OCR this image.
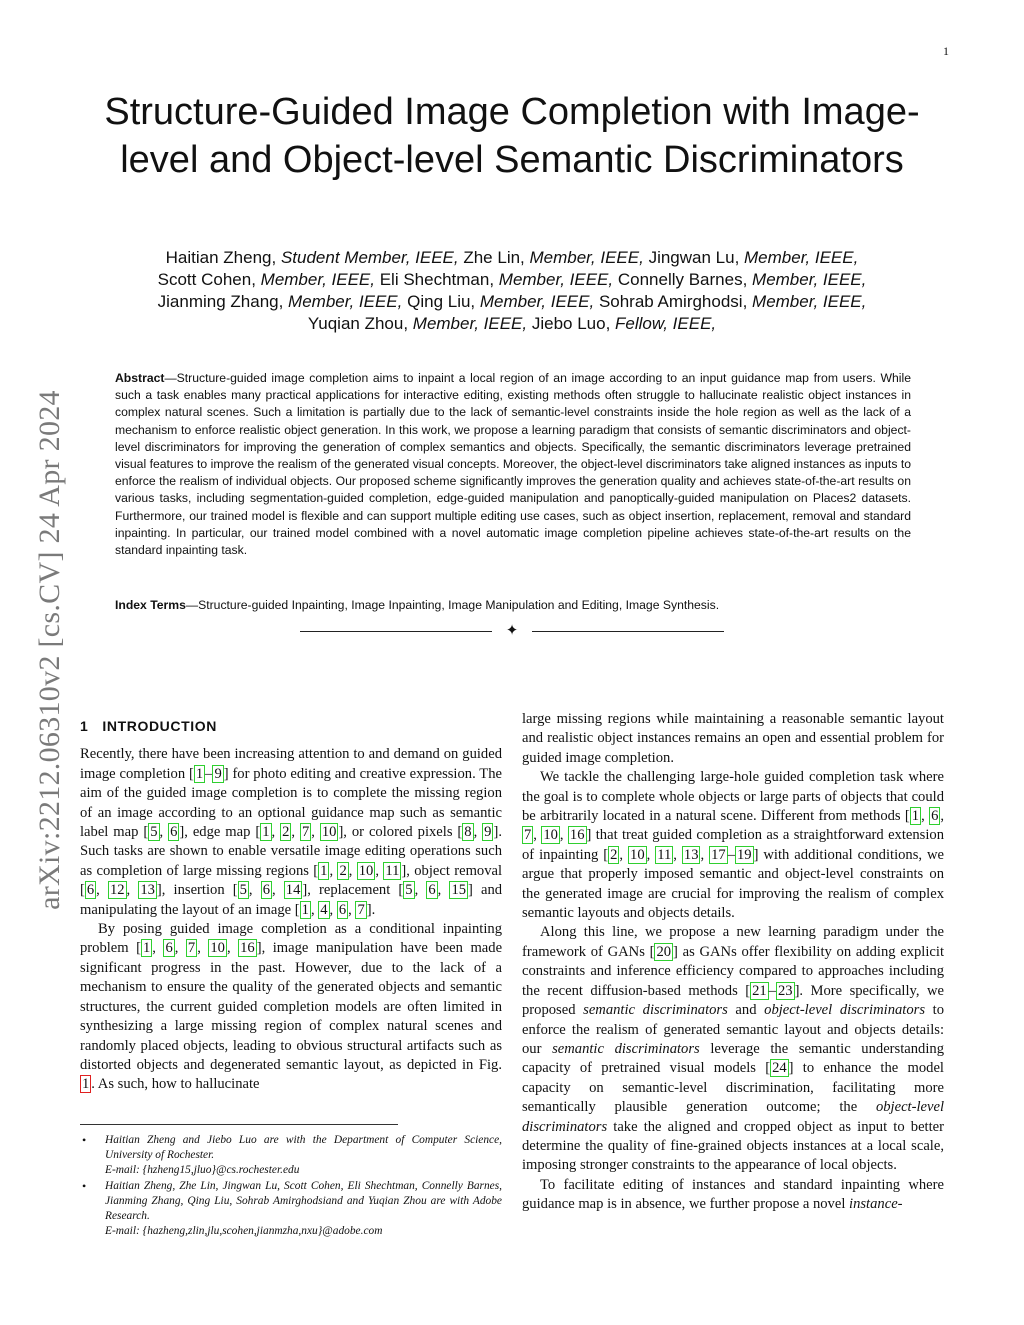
1
arXiv:2212.06310v2 [cs.CV] 24 Apr 2024
Structure-Guided Image Completion with Image-level and Object-level Semantic Discriminators
Haitian Zheng, Student Member, IEEE, Zhe Lin, Member, IEEE, Jingwan Lu, Member, IEEE,
Scott Cohen, Member, IEEE, Eli Shechtman, Member, IEEE, Connelly Barnes, Member, IEEE,
Jianming Zhang, Member, IEEE, Qing Liu, Member, IEEE, Sohrab Amirghodsi, Member, IEEE,
Yuqian Zhou, Member, IEEE, Jiebo Luo, Fellow, IEEE,
Abstract—Structure-guided image completion aims to inpaint a local region of an image according to an input guidance map from users. While such a task enables many practical applications for interactive editing, existing methods often struggle to hallucinate realistic object instances in complex natural scenes. Such a limitation is partially due to the lack of semantic-level constraints inside the hole region as well as the lack of a mechanism to enforce realistic object generation. In this work, we propose a learning paradigm that consists of semantic discriminators and object-level discriminators for improving the generation of complex semantics and objects. Specifically, the semantic discriminators leverage pretrained visual features to improve the realism of the generated visual concepts. Moreover, the object-level discriminators take aligned instances as inputs to enforce the realism of individual objects. Our proposed scheme significantly improves the generation quality and achieves state-of-the-art results on various tasks, including segmentation-guided completion, edge-guided manipulation and panoptically-guided manipulation on Places2 datasets. Furthermore, our trained model is flexible and can support multiple editing use cases, such as object insertion, replacement, removal and standard inpainting. In particular, our trained model combined with a novel automatic image completion pipeline achieves state-of-the-art results on the standard inpainting task.
Index Terms—Structure-guided Inpainting, Image Inpainting, Image Manipulation and Editing, Image Synthesis.
✦
1 INTRODUCTION

Recently, there have been increasing attention to and demand on guided image completion [ 1 – 9 ] for photo editing and creative expression. The aim of the guided image completion is to complete the missing region of an image according to an optional guidance map such as semantic label map [ 5 , 6 ], edge map [ 1 , 2 , 7 , 10 ], or colored pixels [ 8 , 9 ]. Such tasks are shown to enable versatile image editing operations such as completion of large missing regions [ 1 , 2 , 10 , 11 ], object removal [ 6 , 12 , 13 ], insertion [ 5 , 6 , 14 ], replacement [ 5 , 6 , 15 ] and manipulating the layout of an image [ 1 , 4 , 6 , 7 ].

By posing guided image completion as a conditional inpainting problem [ 1 , 6 , 7 , 10 , 16 ], image manipulation have been made significant progress in the past. However, due to the lack of a mechanism to ensure the quality of the generated objects and semantic structures, the current guided completion models are often limited in synthesizing a large missing region of complex natural scenes and randomly placed objects, leading to obvious structural artifacts such as distorted objects and degenerated semantic layout, as depicted in Fig. 1 . As such, how to hallucinate

• Haitian Zheng and Jiebo Luo are with the Department of Computer Science, University of Rochester.
E-mail: {hzheng15,jluo}@cs.rochester.edu
• Haitian Zheng, Zhe Lin, Jingwan Lu, Scott Cohen, Eli Shechtman, Connelly Barnes, Jianming Zhang, Qing Liu, Sohrab Amirghodsiand and Yuqian Zhou are with Adobe Research.
E-mail: {hazheng,zlin,jlu,scohen,jianmzha,nxu}@adobe.com

large missing regions while maintaining a reasonable semantic layout and realistic object instances remains an open and essential problem for guided image completion.

We tackle the challenging large-hole guided completion task where the goal is to complete whole objects or large parts of objects that could be arbitrarily located in a natural scene. Different from methods [ 1 , 6 , 7 , 10 , 16 ] that treat guided completion as a straightforward extension of inpainting [ 2 , 10 , 11 , 13 , 17 – 19 ] with additional conditions, we argue that properly imposed semantic and object-level constraints on the generated image are crucial for improving the realism of complex semantic layouts and objects details.

Along this line, we propose a new learning paradigm under the framework of GANs [ 20 ] as GANs offer flexibility on adding explicit constraints and inference efficiency compared to approaches including the recent diffusion-based methods [ 21 – 23 ]. More specifically, we proposed semantic discriminators and object-level discriminators to enforce the realism of generated semantic layout and objects details: our semantic discriminators leverage the semantic understanding capacity of pretrained visual models [ 24 ] to enhance the model capacity on semantic-level discrimination, facilitating more semantically plausible generation outcome; the object-level discriminators take the aligned and cropped object as input to better determine the quality of fine-grained objects instances at a local scale, imposing stronger constraints to the appearance of local objects.

To facilitate editing of instances and standard inpainting where guidance map is in absence, we further propose a novel instance-
